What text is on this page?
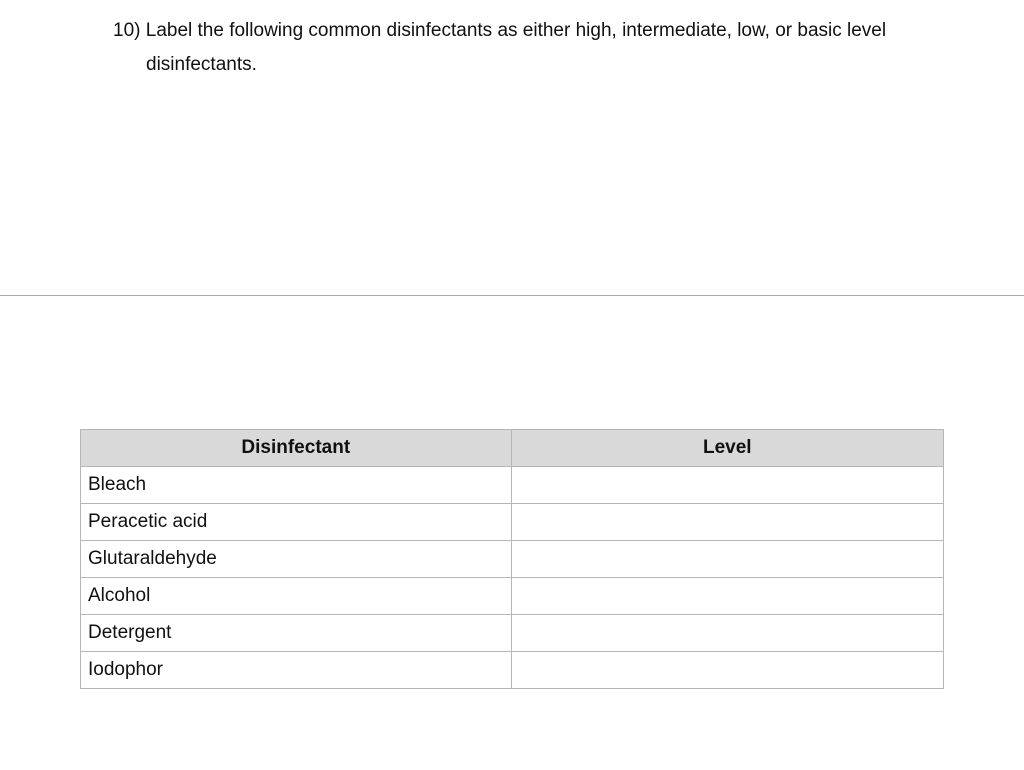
10) Label the following common disinfectants as either high, intermediate, low, or basic level
disinfectants.
Disinfectant	Level
Bleach	
Peracetic acid	
Glutaraldehyde	
Alcohol	
Detergent	
Iodophor	
